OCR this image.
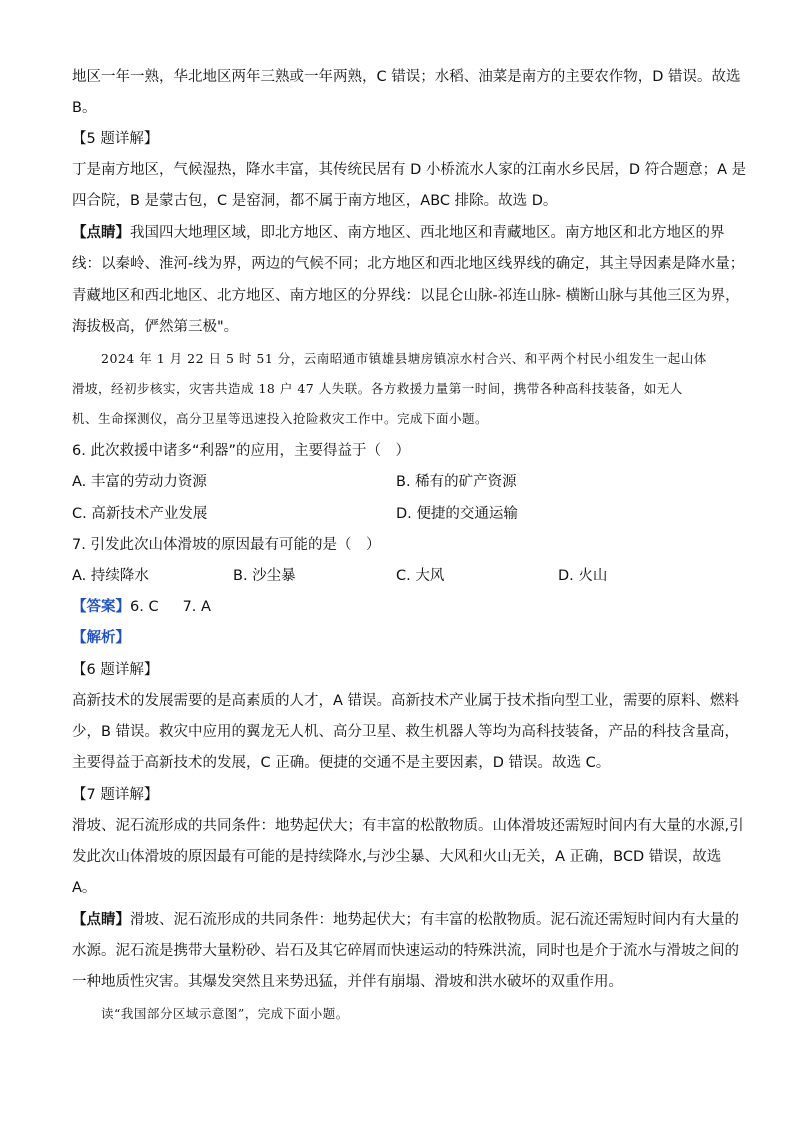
地区一年一熟，华北地区两年三熟或一年两熟，C 错误；水稻、油菜是南方的主要农作物，D 错误。故选
B。
【5 题详解】
丁是南方地区，气候湿热，降水丰富，其传统民居有 D 小桥流水人家的江南水乡民居，D 符合题意；A 是
四合院，B 是蒙古包，C 是窑洞，都不属于南方地区，ABC 排除。故选 D。
【点睛】我国四大地理区域，即北方地区、南方地区、西北地区和青藏地区。南方地区和北方地区的界
线：以秦岭、淮河-线为界，两边的气候不同；北方地区和西北地区线界线的确定，其主导因素是降水量；
青藏地区和西北地区、北方地区、南方地区的分界线：以昆仑山脉-祁连山脉- 横断山脉与其他三区为界，
海拔极高，俨然第三极"。
2024 年 1 月 22 日 5 时 51 分，云南昭通市镇雄县塘房镇凉水村合兴、和平两个村民小组发生一起山体
滑坡，经初步核实，灾害共造成 18 户 47 人失联。各方救援力量第一时间，携带各种高科技装备，如无人
机、生命探测仪，高分卫星等迅速投入抢险救灾工作中。完成下面小题。
6. 此次救援中诸多“利器”的应用，主要得益于（　）
A. 丰富的劳动力资源	B. 稀有的矿产资源
C. 高新技术产业发展	D. 便捷的交通运输
7. 引发此次山体滑坡的原因最有可能的是（　）
A. 持续降水	B. 沙尘暴	C. 大风	D. 火山
【答案】6. C 7. A
【解析】
【6 题详解】
高新技术的发展需要的是高素质的人才，A 错误。高新技术产业属于技术指向型工业，需要的原料、燃料
少，B 错误。救灾中应用的翼龙无人机、高分卫星、救生机器人等均为高科技装备，产品的科技含量高，
主要得益于高新技术的发展，C 正确。便捷的交通不是主要因素，D 错误。故选 C。
【7 题详解】
滑坡、泥石流形成的共同条件：地势起伏大；有丰富的松散物质。山体滑坡还需短时间内有大量的水源,引
发此次山体滑坡的原因最有可能的是持续降水,与沙尘暴、大风和火山无关，A 正确，BCD 错误，故选
A。
【点睛】滑坡、泥石流形成的共同条件：地势起伏大；有丰富的松散物质。泥石流还需短时间内有大量的
水源。泥石流是携带大量粉砂、岩石及其它碎屑而快速运动的特殊洪流，同时也是介于流水与滑坡之间的
一种地质性灾害。其爆发突然且来势迅猛，并伴有崩塌、滑坡和洪水破坏的双重作用。
读“我国部分区域示意图”，完成下面小题。
